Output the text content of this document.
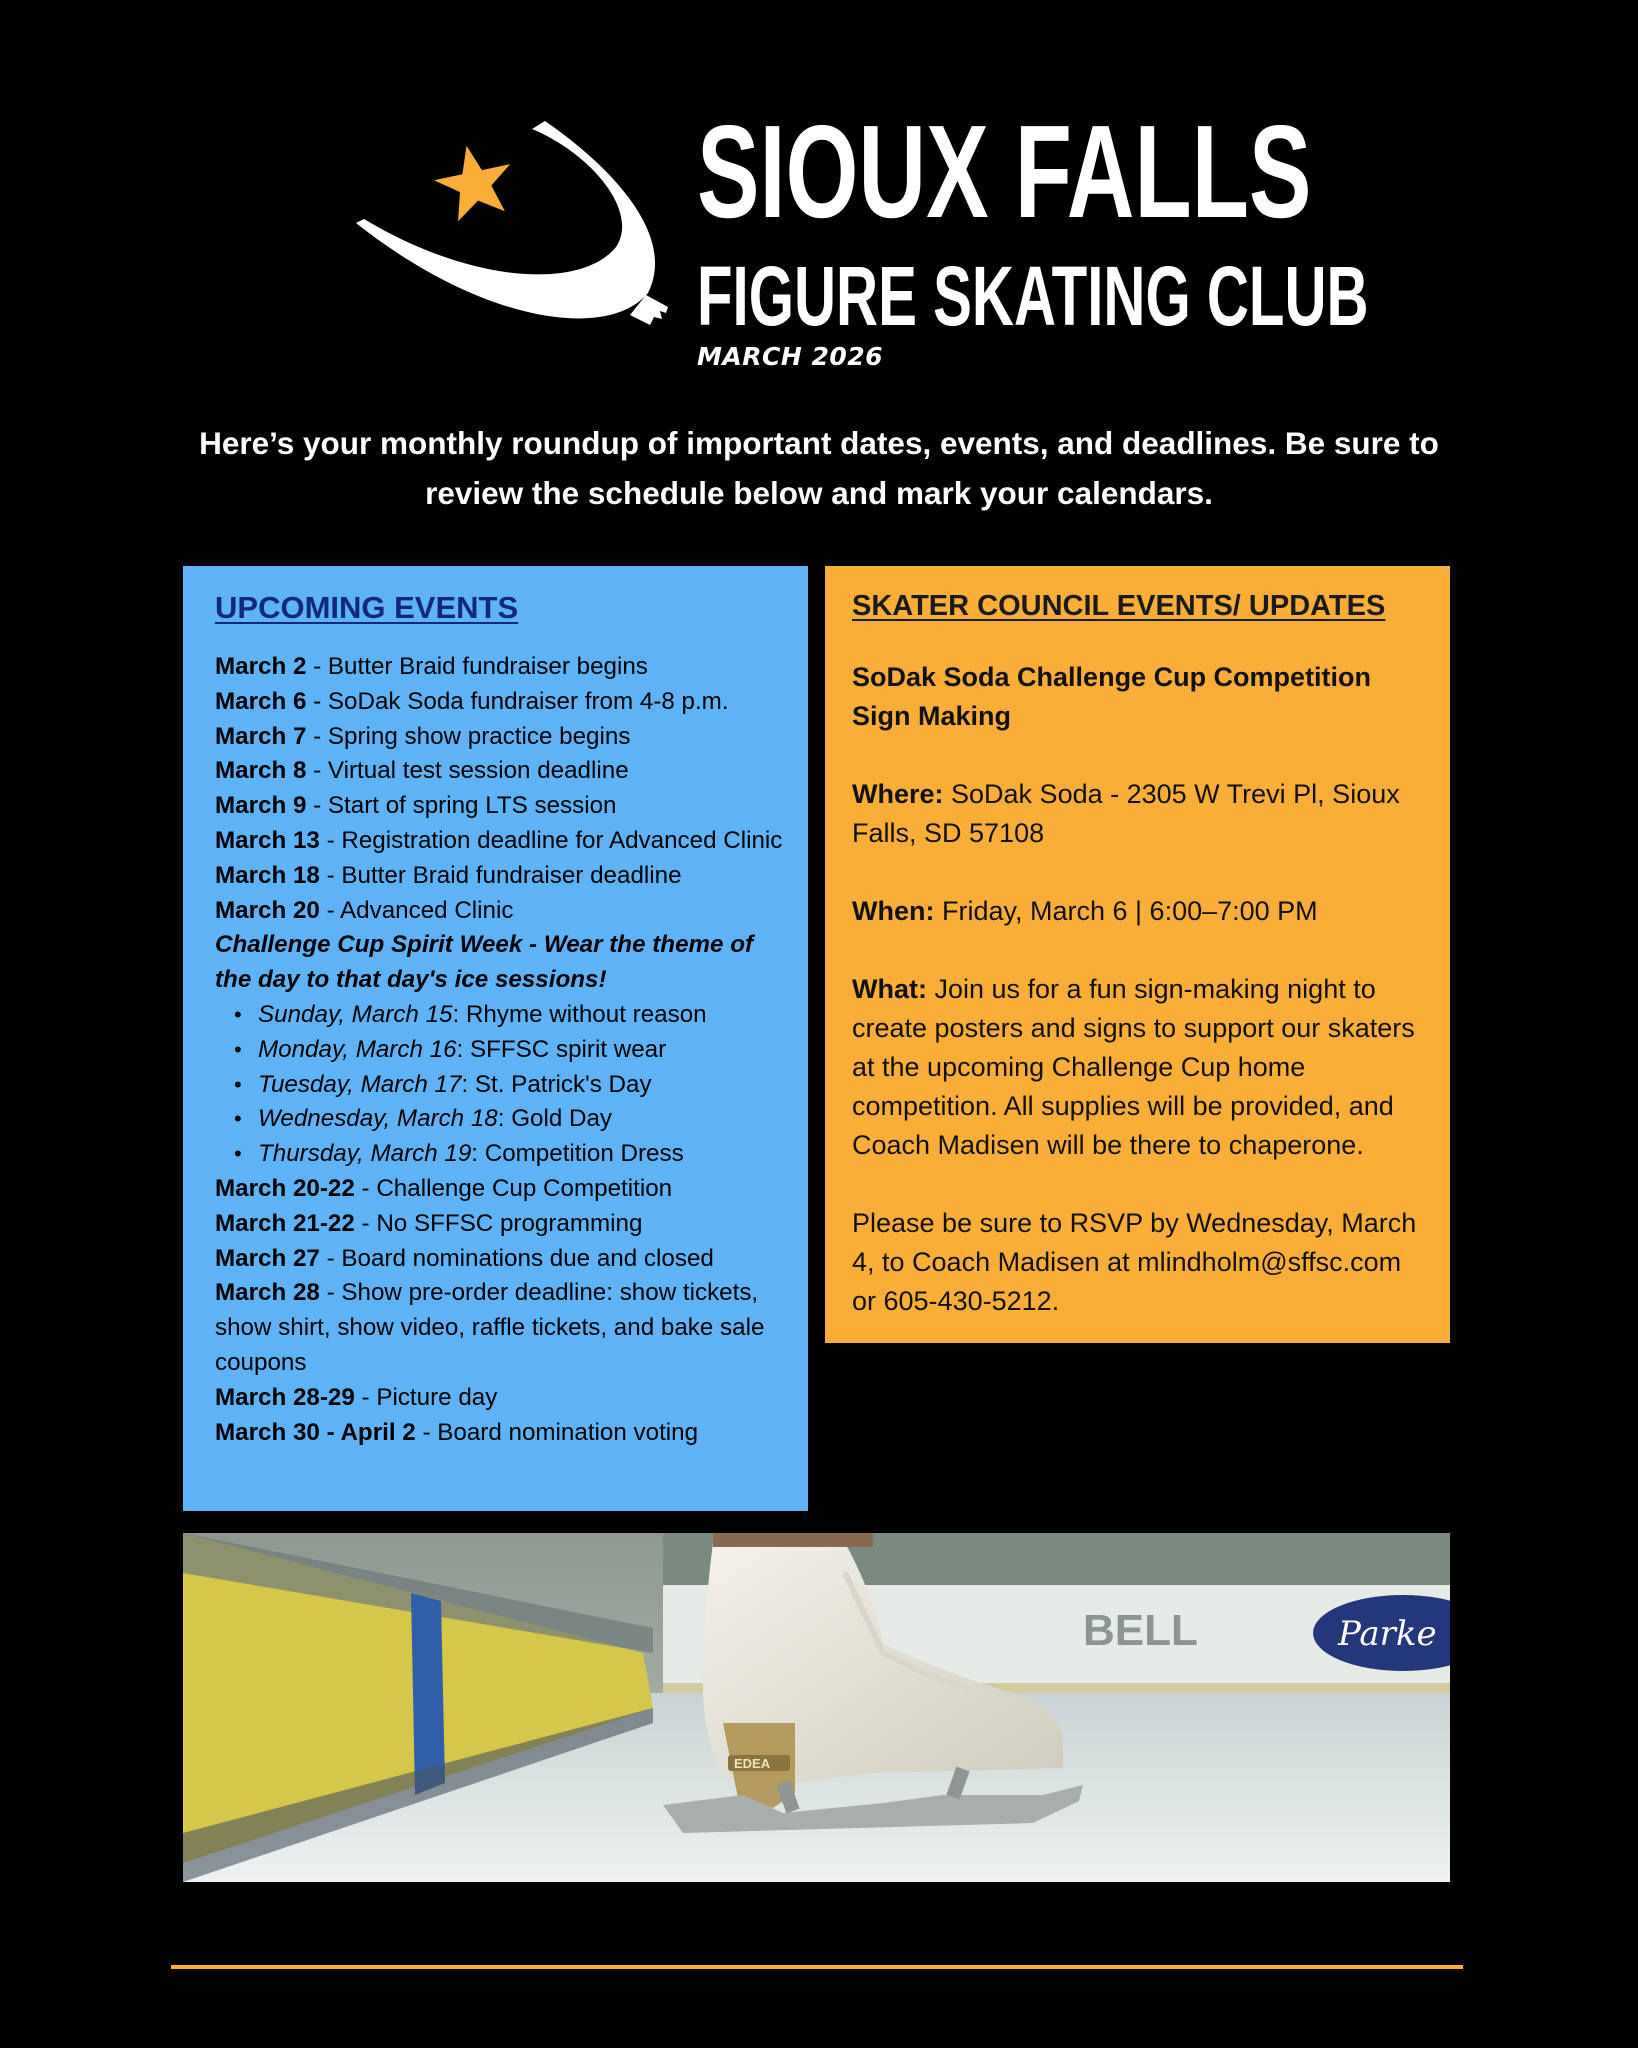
SIOUX FALLS
FIGURE SKATING CLUB
MARCH 2026
Here’s your monthly roundup of important dates, events, and deadlines. Be sure to
review the schedule below and mark your calendars.
UPCOMING EVENTS

March 2 - Butter Braid fundraiser begins

March 6 - SoDak Soda fundraiser from 4-8 p.m.

March 7 - Spring show practice begins

March 8 - Virtual test session deadline

March 9 - Start of spring LTS session

March 13 - Registration deadline for Advanced Clinic

March 18 - Butter Braid fundraiser deadline

March 20 - Advanced Clinic

Challenge Cup Spirit Week - Wear the theme of the day to that day's ice sessions!

• Sunday, March 15: Rhyme without reason
• Monday, March 16: SFFSC spirit wear
• Tuesday, March 17: St. Patrick's Day
• Wednesday, March 18: Gold Day
• Thursday, March 19: Competition Dress

March 20-22 - Challenge Cup Competition

March 21-22 - No SFFSC programming

March 27 - Board nominations due and closed

March 28 - Show pre-order deadline: show tickets, show shirt, show video, raffle tickets, and bake sale coupons

March 28-29 - Picture day

March 30 - April 2 - Board nomination voting

SKATER COUNCIL EVENTS/ UPDATES

SoDak Soda Challenge Cup Competition Sign Making

Where: SoDak Soda - 2305 W Trevi Pl, Sioux Falls, SD 57108

When: Friday, March 6 | 6:00–7:00 PM

What: Join us for a fun sign-making night to create posters and signs to support our skaters at the upcoming Challenge Cup home competition. All supplies will be provided, and Coach Madisen will be there to chaperone.

Please be sure to RSVP by Wednesday, March 4, to Coach Madisen at mlindholm@sffsc.com or 605-430-5212.

BELL	Parke
EDEA
